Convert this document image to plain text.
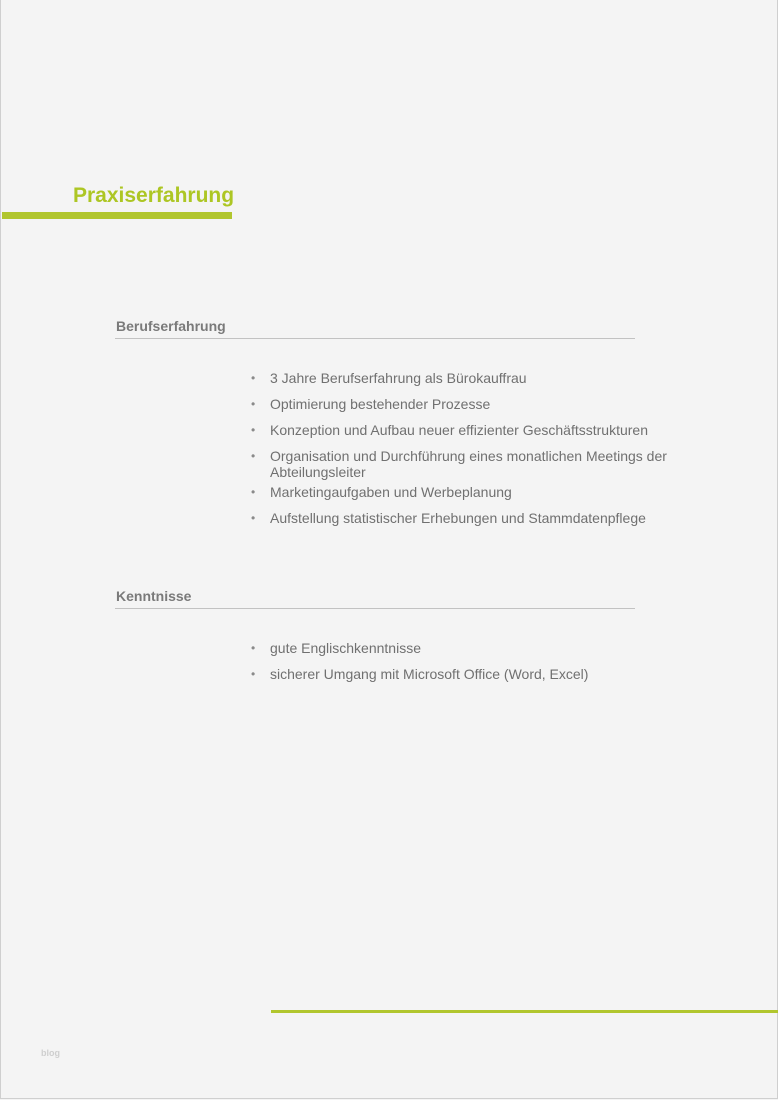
Praxiserfahrung
Berufserfahrung
• 3 Jahre Berufserfahrung als Bürokauffrau
• Optimierung bestehender Prozesse
• Konzeption und Aufbau neuer effizienter Geschäftsstrukturen
• Organisation und Durchführung eines monatlichen Meetings der Abteilungsleiter
• Marketingaufgaben und Werbeplanung
• Aufstellung statistischer Erhebungen und Stammdatenpflege
Kenntnisse
• gute Englischkenntnisse
• sicherer Umgang mit Microsoft Office (Word, Excel)
blog
